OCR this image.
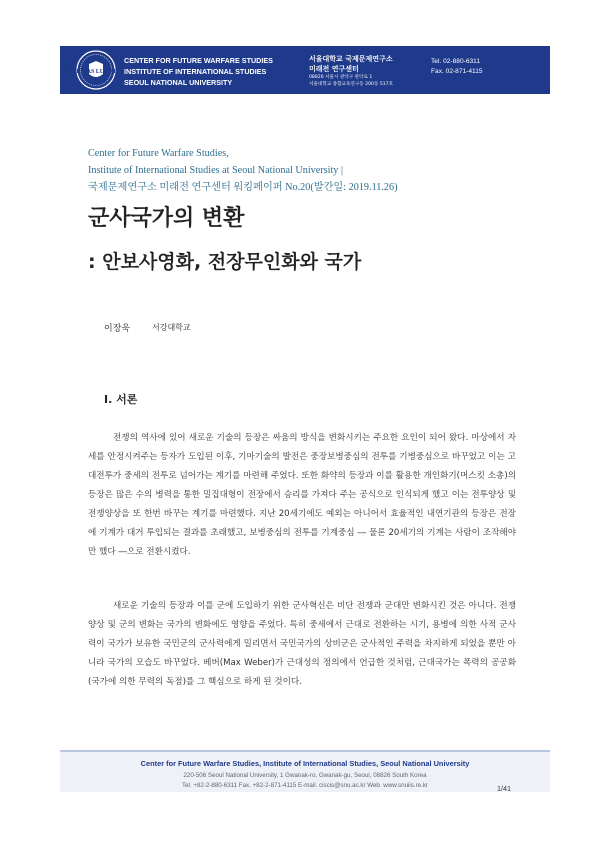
VERITAS LUX MEA
CENTER FOR FUTURE WARFARE STUDIES
INSTITUTE OF INTERNATIONAL STUDIES
SEOUL NATIONAL UNIVERSITY
서울대학교 국제문제연구소
미래전 연구센터
08826 서울시 관악구 관악로 1
서울대학교 종합교육연구동 200동 517호
Tel. 02-880-6311
Fax. 02-871-4115
Center for Future Warfare Studies,
Institute of International Studies at Seoul National University |
국제문제연구소 미래전 연구센터 워킹페이퍼 No.20(발간일: 2019.11.26)
군사국가의 변환
: 안보사영화, 전장무인화와 국가
이장욱	서강대학교
Ⅰ. 서론

전쟁의 역사에 있어 새로운 기술의 등장은 싸움의 방식을 변화시키는 주요한 요인이 되어 왔다. 마상에서 자세를 안정시켜주는 등자가 도입된 이후, 기마기술의 발전은 중장보병중심의 전투를 기병중심으로 바꾸었고 이는 고대전투가 중세의 전투로 넘어가는 계기를 마련해 주었다. 또한 화약의 등장과 이를 활용한 개인화기(머스킷 소총)의 등장은 많은 수의 병력을 통한 밀집대형이 전장에서 승리를 가져다 주는 공식으로 인식되게 했고 이는 전투양상 및 전쟁양상을 또 한번 바꾸는 계기를 마련했다. 지난 20세기에도 예외는 아니어서 효율적인 내연기관의 등장은 전장에 기계가 대거 투입되는 결과를 초래했고, 보병중심의 전투를 기계중심 ― 물론 20세기의 기계는 사람이 조작해야만 했다 ―으로 전환시켰다.

새로운 기술의 등장과 이를 군에 도입하기 위한 군사혁신은 비단 전쟁과 군대만 변화시킨 것은 아니다. 전쟁양상 및 군의 변화는 국가의 변화에도 영향을 주었다. 특히 중세에서 근대로 전환하는 시기, 용병에 의한 사적 군사력이 국가가 보유한 국민군의 군사력에게 밀리면서 국민국가의 상비군은 군사적인 주력을 차지하게 되었을 뿐만 아니라 국가의 모습도 바꾸었다. 베버(Max Weber)가 근대성의 정의에서 언급한 것처럼, 근대국가는 폭력의 공공화 (국가에 의한 무력의 독점)를 그 핵심으로 하게 된 것이다.

Center for Future Warfare Studies, Institute of International Studies, Seoul National University
220-506 Seoul National University, 1 Gwanak-ro, Gwanak-gu, Seoul, 08826 South Korea
Tel. +82-2-880-6311 Fax. +82-2-871-4115 E-mail. ciscis@snu.ac.kr Web. www.snuiis.re.kr	1/41
